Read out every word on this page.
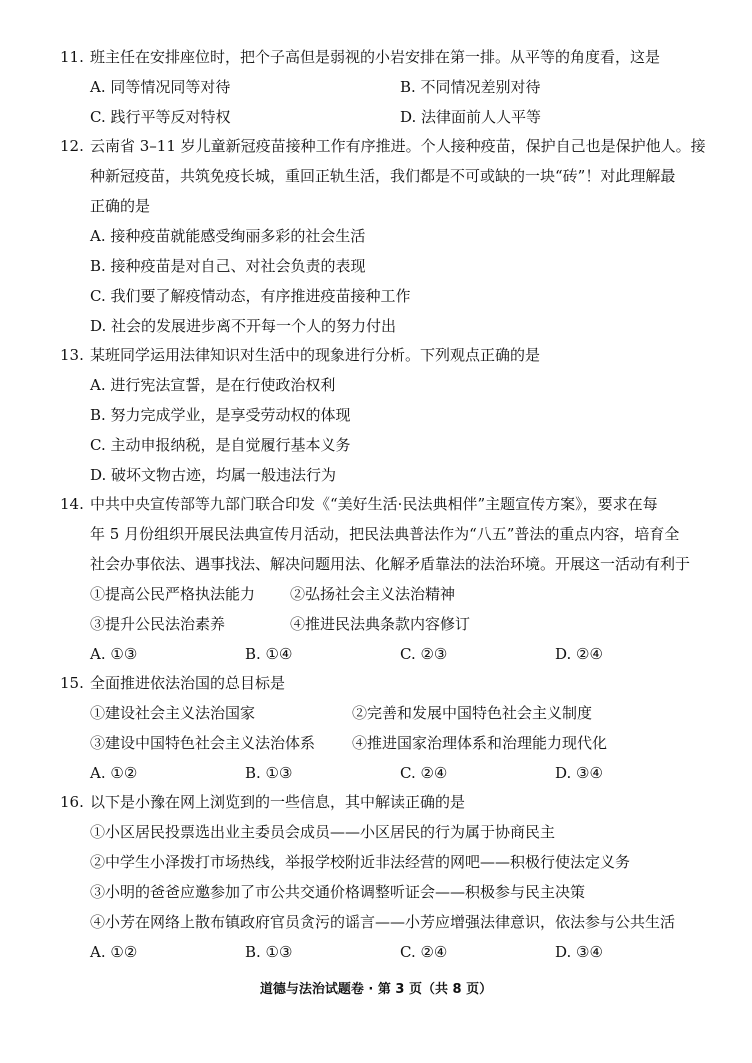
11. 班主任在安排座位时，把个子高但是弱视的小岩安排在第一排。从平等的角度看，这是
A. 同等情况同等对待	B. 不同情况差别对待
C. 践行平等反对特权	D. 法律面前人人平等
12. 云南省 3–11 岁儿童新冠疫苗接种工作有序推进。个人接种疫苗，保护自己也是保护他人。接
种新冠疫苗，共筑免疫长城，重回正轨生活，我们都是不可或缺的一块“砖”！对此理解最
正确的是
A. 接种疫苗就能感受绚丽多彩的社会生活
B. 接种疫苗是对自己、对社会负责的表现
C. 我们要了解疫情动态，有序推进疫苗接种工作
D. 社会的发展进步离不开每一个人的努力付出
13. 某班同学运用法律知识对生活中的现象进行分析。下列观点正确的是
A. 进行宪法宣誓，是在行使政治权利
B. 努力完成学业，是享受劳动权的体现
C. 主动申报纳税，是自觉履行基本义务
D. 破坏文物古迹，均属一般违法行为
14. 中共中央宣传部等九部门联合印发《“美好生活·民法典相伴”主题宣传方案》，要求在每
年 5 月份组织开展民法典宣传月活动，把民法典普法作为“八五”普法的重点内容，培育全
社会办事依法、遇事找法、解决问题用法、化解矛盾靠法的法治环境。开展这一活动有利于
①提高公民严格执法能力	②弘扬社会主义法治精神
③提升公民法治素养	④推进民法典条款内容修订
A. ①③	B. ①④	C. ②③	D. ②④
15. 全面推进依法治国的总目标是
①建设社会主义法治国家	②完善和发展中国特色社会主义制度
③建设中国特色社会主义法治体系	④推进国家治理体系和治理能力现代化
A. ①②	B. ①③	C. ②④	D. ③④
16. 以下是小豫在网上浏览到的一些信息，其中解读正确的是
①小区居民投票选出业主委员会成员——小区居民的行为属于协商民主
②中学生小泽拨打市场热线，举报学校附近非法经营的网吧——积极行使法定义务
③小明的爸爸应邀参加了市公共交通价格调整听证会——积极参与民主决策
④小芳在网络上散布镇政府官员贪污的谣言——小芳应增强法律意识，依法参与公共生活
A. ①②	B. ①③	C. ②④	D. ③④
道德与法治试题卷 · 第 3 页（共 8 页）
